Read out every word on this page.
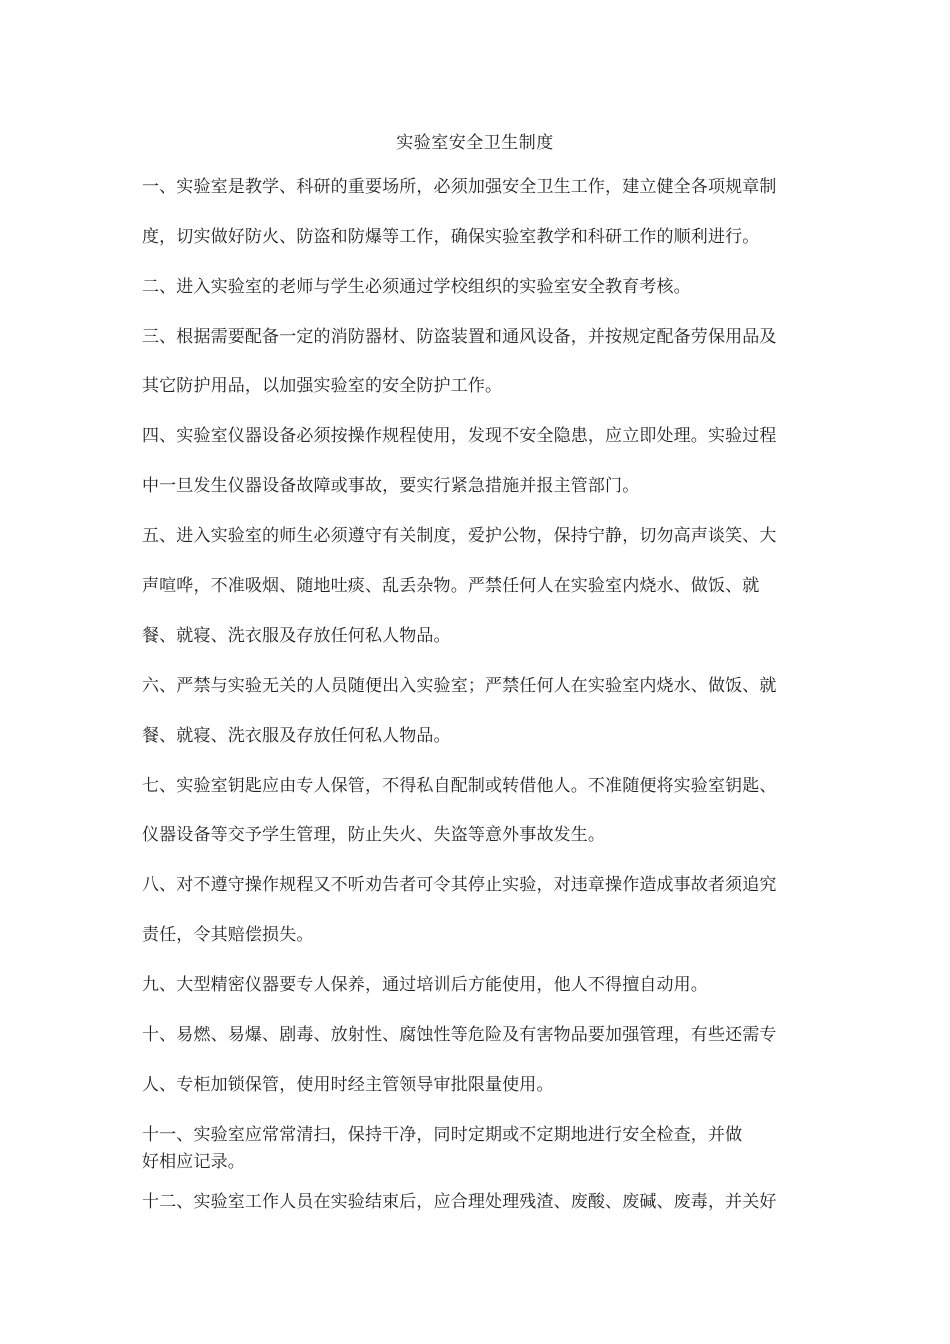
实验室安全卫生制度
一、实验室是教学、科研的重要场所，必须加强安全卫生工作，建立健全各项规章制
度，切实做好防火、防盗和防爆等工作，确保实验室教学和科研工作的顺利进行。
二、进入实验室的老师与学生必须通过学校组织的实验室安全教育考核。
三、根据需要配备一定的消防器材、防盗装置和通风设备，并按规定配备劳保用品及
其它防护用品，以加强实验室的安全防护工作。
四、实验室仪器设备必须按操作规程使用，发现不安全隐患，应立即处理。实验过程
中一旦发生仪器设备故障或事故，要实行紧急措施并报主管部门。
五、进入实验室的师生必须遵守有关制度，爱护公物，保持宁静，切勿高声谈笑、大
声喧哗，不准吸烟、随地吐痰、乱丢杂物。严禁任何人在实验室内烧水、做饭、就
餐、就寝、洗衣服及存放任何私人物品。
六、严禁与实验无关的人员随便出入实验室；严禁任何人在实验室内烧水、做饭、就
餐、就寝、洗衣服及存放任何私人物品。
七、实验室钥匙应由专人保管，不得私自配制或转借他人。不准随便将实验室钥匙、
仪器设备等交予学生管理，防止失火、失盗等意外事故发生。
八、对不遵守操作规程又不听劝告者可令其停止实验，对违章操作造成事故者须追究
责任，令其赔偿损失。
九、大型精密仪器要专人保养，通过培训后方能使用，他人不得擅自动用。
十、易燃、易爆、剧毒、放射性、腐蚀性等危险及有害物品要加强管理，有些还需专
人、专柜加锁保管，使用时经主管领导审批限量使用。
十一、实验室应常常清扫，保持干净，同时定期或不定期地进行安全检查，并做
好相应记录。
十二、实验室工作人员在实验结束后，应合理处理残渣、废酸、废碱、废毒，并关好
